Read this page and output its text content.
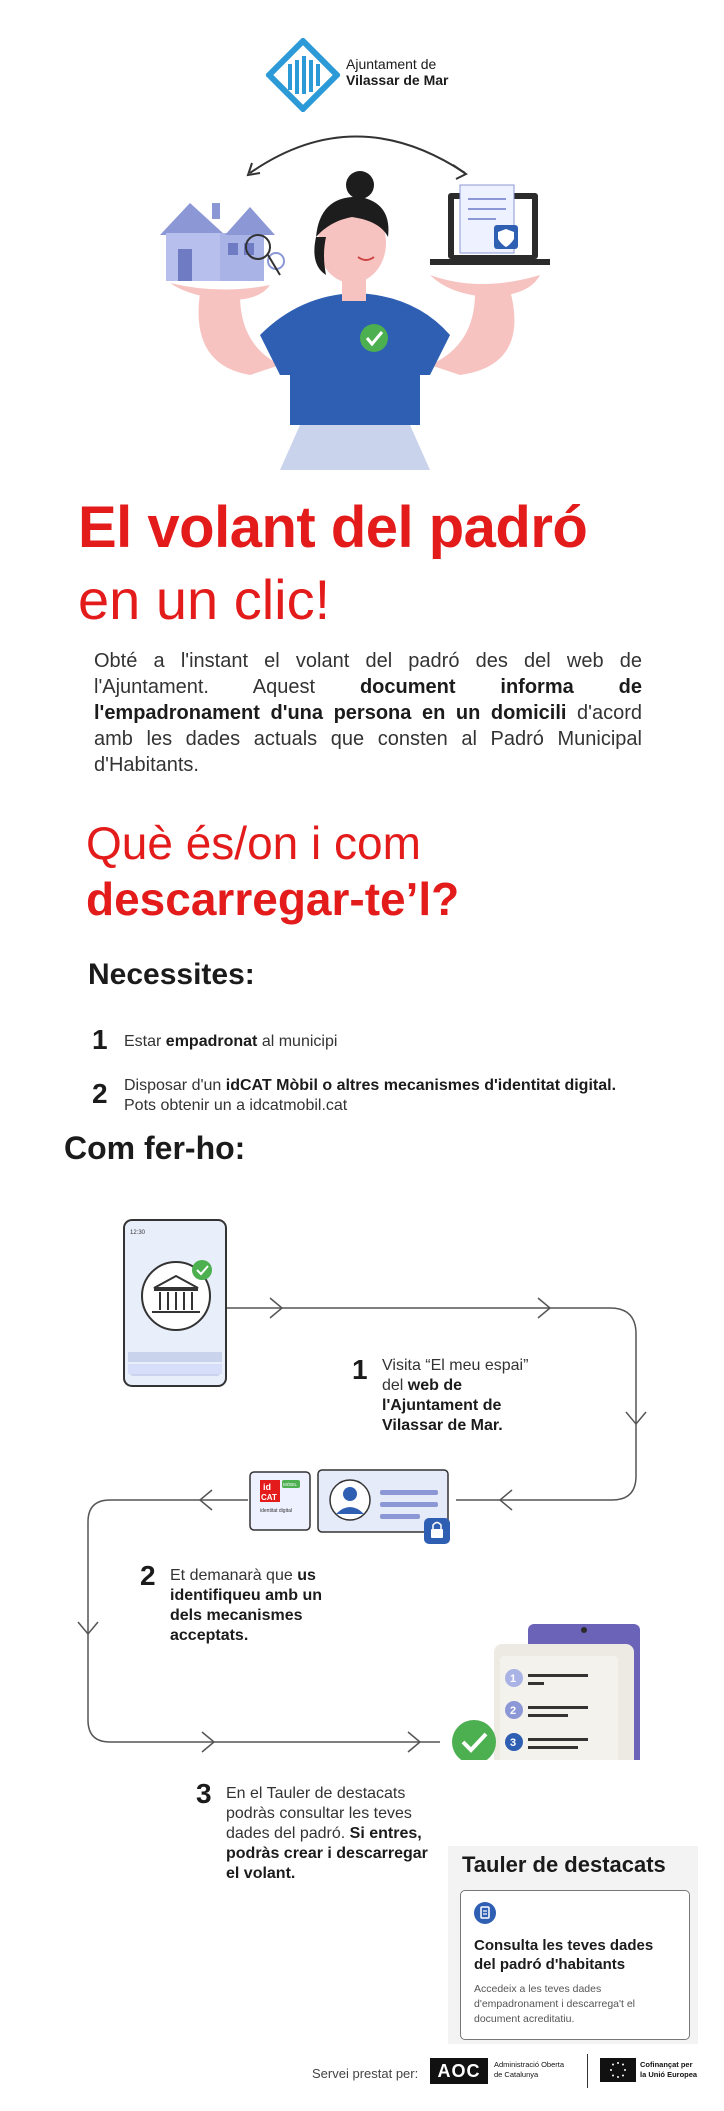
Ajuntament de
Vilassar de Mar
El volant del padró
en un clic!
Obté a l'instant el volant del padró des del web de l'Ajuntament. Aquest document informa de l'empadronament d'una persona en un domicili d'acord amb les dades actuals que consten al Padró Municipal d'Habitants.
Què és/on i com
descarregar-te’l?
Necessites:
1 Estar empadronat al municipi
2 Disposar d'un idCAT Mòbil o altres mecanismes d'identitat digital.
Pots obtenir un a idcatmobil.cat
Com fer-ho:
12:30
id
CAT
MÒBIL
identitat digital
1
2
3
1 Visita “El meu espai” del web de l'Ajuntament de Vilassar de Mar.
2 Et demanarà que us identifiqueu amb un dels mecanismes acceptats.
3 En el Tauler de destacats podràs consultar les teves dades del padró. Si entres, podràs crear i descarregar el volant.	Tauler de destacats
Consulta les teves dades del padró d'habitants
Accedeix a les teves dades d'empadronament i descarrega't el document acreditatiu.
Servei prestat per:	AOC	Administració Oberta
de Catalunya
Cofinançat per
la Unió Europea
